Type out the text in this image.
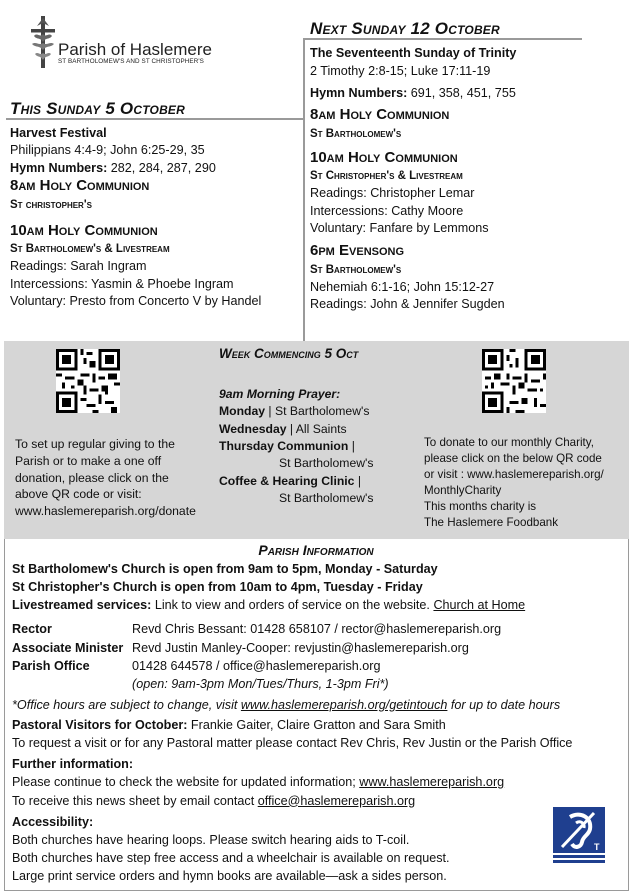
Parish of Haslemere
ST BARTHOLOMEW'S AND ST CHRISTOPHER'S
This Sunday 5 October
Harvest Festival
Philippians 4:4-9; John 6:25-29, 35
Hymn Numbers: 282, 284, 287, 290
8am Holy Communion
St christopher's
10am Holy Communion
St Bartholomew's & Livestream
Readings: Sarah Ingram
Intercessions: Yasmin & Phoebe Ingram
Voluntary: Presto from Concerto V by Handel
Next Sunday 12 October
The Seventeenth Sunday of Trinity
2 Timothy 2:8-15; Luke 17:11-19
Hymn Numbers: 691, 358, 451, 755
8am Holy Communion
St Bartholomew's
10am Holy Communion
St Christopher's & Livestream
Readings: Christopher Lemar
Intercessions: Cathy Moore
Voluntary: Fanfare by Lemmons
6pm Evensong
St Bartholomew's
Nehemiah 6:1-16; John 15:12-27
Readings: John & Jennifer Sugden
To set up regular giving to the
Parish or to make a one off
donation, please click on the
above QR code or visit:
www.haslemereparish.org/donate
Week Commencing 5 Oct
9am Morning Prayer:
Monday | St Bartholomew's
Wednesday | All Saints
Thursday Communion |
St Bartholomew's
Coffee & Hearing Clinic |
St Bartholomew's
To donate to our monthly Charity,
please click on the below QR code
or visit : www.haslemereparish.org/
MonthlyCharity
This months charity is
The Haslemere Foodbank
Parish Information
St Bartholomew's Church is open from 9am to 5pm, Monday - Saturday
St Christopher's Church is open from 10am to 4pm, Tuesday - Friday
Livestreamed services: Link to view and orders of service on the website. Church at Home
Rector	Revd Chris Bessant: 01428 658107 / rector@haslemereparish.org
Associate Minister Revd Justin Manley-Cooper: revjustin@haslemereparish.org
Parish Office	01428 644578 / office@haslemereparish.org
(open: 9am-3pm Mon/Tues/Thurs, 1-3pm Fri*)
*Office hours are subject to change, visit www.haslemereparish.org/getintouch for up to date hours
Pastoral Visitors for October: Frankie Gaiter, Claire Gratton and Sara Smith
To request a visit or for any Pastoral matter please contact Rev Chris, Rev Justin or the Parish Office
Further information:
Please continue to check the website for updated information; www.haslemereparish.org
To receive this news sheet by email contact office@haslemereparish.org
Accessibility:
Both churches have hearing loops. Please switch hearing aids to T-coil.
Both churches have step free access and a wheelchair is available on request.
Large print service orders and hymn books are available—ask a sides person.
T
